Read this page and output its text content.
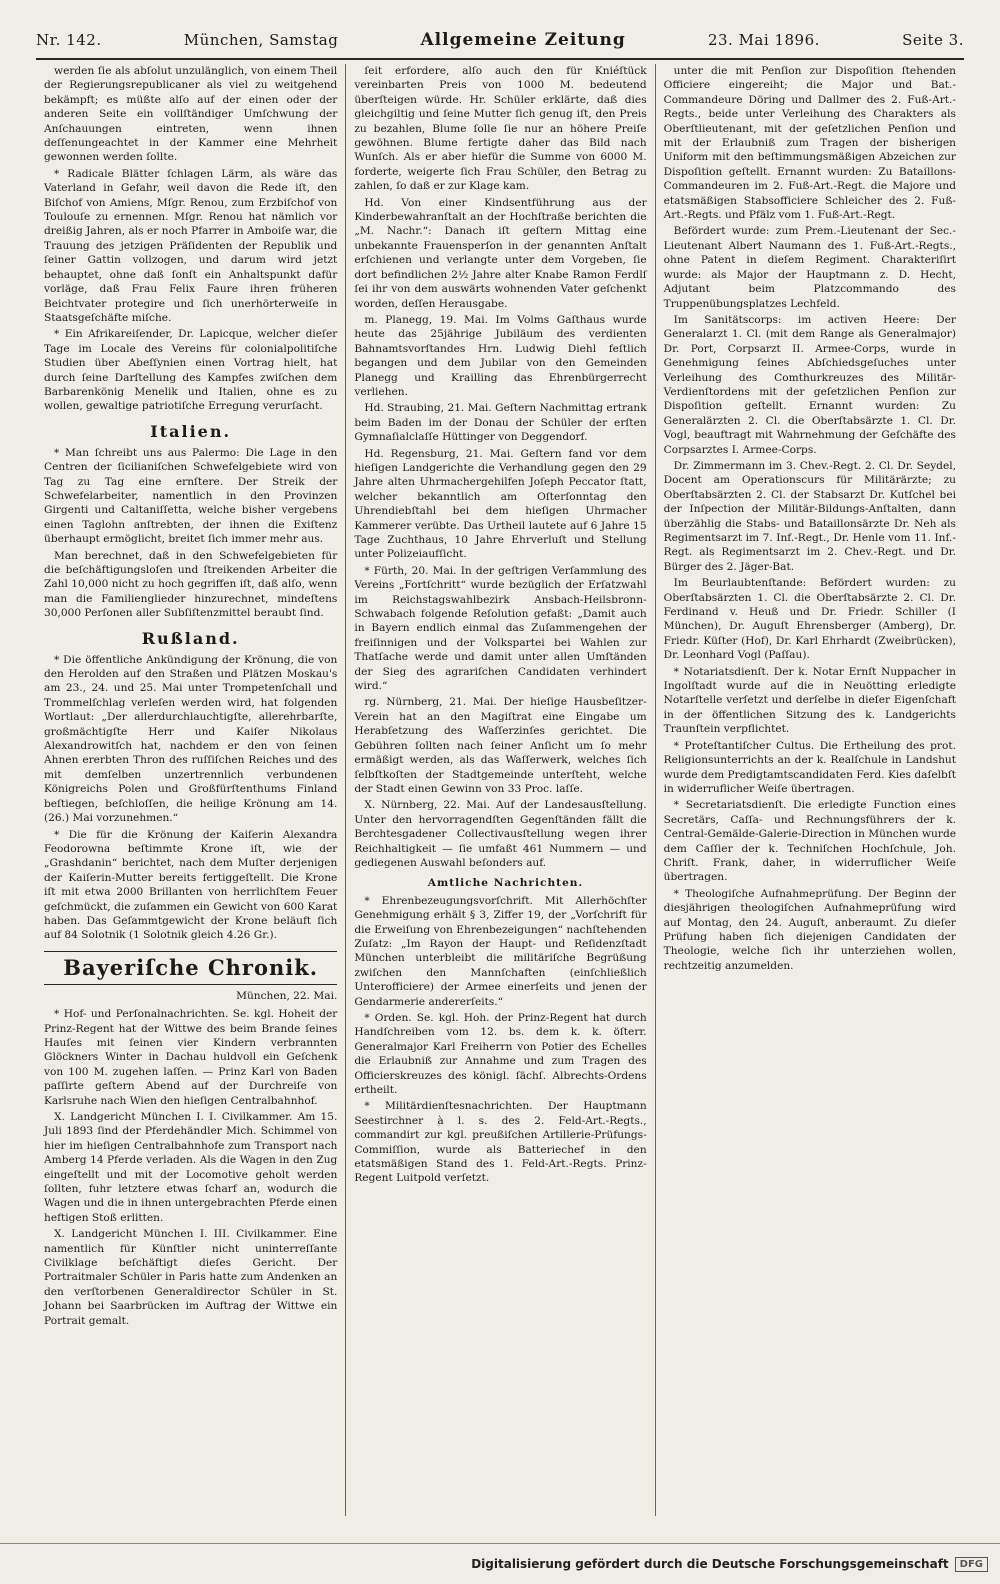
Nr. 142.	München, Samstag	Allgemeine Zeitung	23. Mai 1896.	Seite 3.

werden ſie als abſolut unzulänglich, von einem Theil der Regierungsrepublicaner als viel zu weitgehend bekämpft; es müßte alſo auf der einen oder der anderen Seite ein vollſtändiger Umſchwung der Anſchauungen eintreten, wenn ihnen deſſenungeachtet in der Kammer eine Mehrheit gewonnen werden ſollte.

* Radicale Blätter ſchlagen Lärm, als wäre das Vaterland in Gefahr, weil davon die Rede iſt, den Biſchof von Amiens, Mſgr. Renou, zum Erzbiſchof von Toulouſe zu ernennen. Mſgr. Renou hat nämlich vor dreißig Jahren, als er noch Pfarrer in Amboiſe war, die Trauung des jetzigen Präſidenten der Republik und ſeiner Gattin vollzogen, und darum wird jetzt behauptet, ohne daß ſonſt ein Anhaltspunkt dafür vorläge, daß Frau Felix Faure ihren früheren Beichtvater protegire und ſich unerhörterweiſe in Staatsgeſchäfte miſche.

* Ein Afrikareiſender, Dr. Lapicque, welcher dieſer Tage im Locale des Vereins für colonialpolitiſche Studien über Abeſſynien einen Vortrag hielt, hat durch ſeine Darſtellung des Kampfes zwiſchen dem Barbarenkönig Menelik und Italien, ohne es zu wollen, gewaltige patriotiſche Erregung verurſacht.

Italien.

* Man ſchreibt uns aus Palermo: Die Lage in den Centren der ſicilianiſchen Schwefelgebiete wird von Tag zu Tag eine ernſtere. Der Streik der Schwefelarbeiter, namentlich in den Provinzen Girgenti und Caltaniſſetta, welche bisher vergebens einen Taglohn anſtrebten, der ihnen die Exiſtenz überhaupt ermöglicht, breitet ſich immer mehr aus.

Man berechnet, daß in den Schwefelgebieten für die beſchäftigungsloſen und ſtreikenden Arbeiter die Zahl 10,000 nicht zu hoch gegriffen iſt, daß alſo, wenn man die Familienglieder hinzurechnet, mindeſtens 30,000 Perſonen aller Subſiſtenzmittel beraubt ſind.

Rußland.

* Die öffentliche Ankündigung der Krönung, die von den Herolden auf den Straßen und Plätzen Moskau's am 23., 24. und 25. Mai unter Trompetenſchall und Trommelſchlag verleſen werden wird, hat folgenden Wortlaut: „Der allerdurchlauchtigſte, allerehrbarſte, großmächtigſte Herr und Kaiſer Nikolaus Alexandrowitſch hat, nachdem er den von ſeinen Ahnen ererbten Thron des ruſſiſchen Reiches und des mit demſelben unzertrennlich verbundenen Königreichs Polen und Großfürſtenthums Finland beſtiegen, beſchloſſen, die heilige Krönung am 14. (26.) Mai vorzunehmen.“

* Die für die Krönung der Kaiſerin Alexandra Feodorowna beſtimmte Krone iſt, wie der „Grashdanin“ berichtet, nach dem Muſter derjenigen der Kaiſerin-Mutter bereits fertiggeſtellt. Die Krone iſt mit etwa 2000 Brillanten von herrlichſtem Feuer geſchmückt, die zuſammen ein Gewicht von 600 Karat haben. Das Geſammtgewicht der Krone beläuft ſich auf 84 Solotnik (1 Solotnik gleich 4.26 Gr.).

Bayeriſche Chronik.

München, 22. Mai.

* Hof- und Perſonalnachrichten. Se. kgl. Hoheit der Prinz-Regent hat der Wittwe des beim Brande ſeines Hauſes mit ſeinen vier Kindern verbrannten Glöckners Winter in Dachau huldvoll ein Geſchenk von 100 M. zugehen laſſen. — Prinz Karl von Baden paſſirte geſtern Abend auf der Durchreiſe von Karlsruhe nach Wien den hieſigen Centralbahnhof.

X. Landgericht München I. I. Civilkammer. Am 15. Juli 1893 ſind der Pferdehändler Mich. Schimmel von hier im hieſigen Centralbahnhofe zum Transport nach Amberg 14 Pferde verladen. Als die Wagen in den Zug eingeſtellt und mit der Locomotive geholt werden ſollten, fuhr letztere etwas ſcharf an, wodurch die Wagen und die in ihnen untergebrachten Pferde einen heftigen Stoß erlitten.

X. Landgericht München I. III. Civilkammer. Eine namentlich für Künſtler nicht uninterreſſante Civilklage beſchäftigt dieſes Gericht. Der Portraitmaler Schüler in Paris hatte zum Andenken an den verſtorbenen Generaldirector Schüler in St. Johann bei Saarbrücken im Auftrag der Wittwe ein Portrait gemalt.

ſeit erfordere, alſo auch den für Kniéſtück vereinbarten Preis von 1000 M. bedeutend überſteigen würde. Hr. Schüler erklärte, daß dies gleichgiltig und ſeine Mutter ſich genug iſt, den Preis zu bezahlen, Blume ſolle ſie nur an höhere Preiſe gewöhnen. Blume fertigte daher das Bild nach Wunſch. Als er aber hiefür die Summe von 6000 M. forderte, weigerte ſich Frau Schüler, den Betrag zu zahlen, ſo daß er zur Klage kam.

Hd. Von einer Kindsentführung aus der Kinderbewahranſtalt an der Hochſtraße berichten die „M. Nachr.“: Danach iſt geſtern Mittag eine unbekannte Frauensperſon in der genannten Anſtalt erſchienen und verlangte unter dem Vorgeben, ſie dort befindlichen 2½ Jahre alter Knabe Ramon Ferdlſ ſei ihr von dem auswärts wohnenden Vater geſchenkt worden, deſſen Herausgabe.

m. Planegg, 19. Mai. Im Volms Gaſthaus wurde heute das 25jährige Jubiläum des verdienten Bahnamtsvorſtandes Hrn. Ludwig Diehl feſtlich begangen und dem Jubilar von den Gemeinden Planegg und Krailling das Ehrenbürgerrecht verliehen.

Hd. Straubing, 21. Mai. Geſtern Nachmittag ertrank beim Baden im der Donau der Schüler der erſten Gymnaſialclaſſe Hüttinger von Deggendorf.

Hd. Regensburg, 21. Mai. Geſtern fand vor dem hieſigen Landgerichte die Verhandlung gegen den 29 Jahre alten Uhrmachergehilfen Joſeph Peccator ſtatt, welcher bekanntlich am Oſterſonntag den Uhrendiebſtahl bei dem hieſigen Uhrmacher Kammerer verübte. Das Urtheil lautete auf 6 Jahre 15 Tage Zuchthaus, 10 Jahre Ehrverluſt und Stellung unter Polizeiaufſicht.

* Fürth, 20. Mai. In der geſtrigen Verſammlung des Vereins „Fortſchritt“ wurde bezüglich der Erſatzwahl im Reichstagswahlbezirk Ansbach-Heilsbronn-Schwabach folgende Reſolution gefaßt: „Damit auch in Bayern endlich einmal das Zuſammengehen der freiſinnigen und der Volkspartei bei Wahlen zur Thatſache werde und damit unter allen Umſtänden der Sieg des agrariſchen Candidaten verhindert wird.“

rg. Nürnberg, 21. Mai. Der hieſige Hausbeſitzer-Verein hat an den Magiſtrat eine Eingabe um Herabſetzung des Waſſerzinſes gerichtet. Die Gebühren ſollten nach ſeiner Anſicht um ſo mehr ermäßigt werden, als das Waſſerwerk, welches ſich ſelbſtkoſten der Stadtgemeinde unterſteht, welche der Stadt einen Gewinn von 33 Proc. laſſe.

X. Nürnberg, 22. Mai. Auf der Landesausſtellung. Unter den hervorragendſten Gegenſtänden fällt die Berchtesgadener Collectivausſtellung wegen ihrer Reichhaltigkeit — ſie umfaßt 461 Nummern — und gediegenen Auswahl beſonders auf.

Amtliche Nachrichten.

* Ehrenbezeugungsvorſchrift. Mit Allerhöchſter Genehmigung erhält § 3, Ziffer 19, der „Vorſchrift für die Erweiſung von Ehrenbezeigungen“ nachſtehenden Zuſatz: „Im Rayon der Haupt- und Reſidenzſtadt München unterbleibt die militäriſche Begrüßung zwiſchen den Mannſchaften (einſchließlich Unterofficiere) der Armee einerſeits und jenen der Gendarmerie andererſeits.“

* Orden. Se. kgl. Hoh. der Prinz-Regent hat durch Handſchreiben vom 12. bs. dem k. k. öſterr. Generalmajor Karl Freiherrn von Potier des Echelles die Erlaubniß zur Annahme und zum Tragen des Officierskreuzes des königl. ſächſ. Albrechts-Ordens ertheilt.

* Militärdienſtesnachrichten. Der Hauptmann Seestirchner à l. s. des 2. Feld-Art.-Regts., commandirt zur kgl. preußiſchen Artillerie-Prüfungs-Commiſſion, wurde als Batteriechef in den etatsmäßigen Stand des 1. Feld-Art.-Regts. Prinz-Regent Luitpold verſetzt.

unter die mit Penſion zur Dispoſition ſtehenden Officiere eingereiht; die Major und Bat.-Commandeure Döring und Dallmer des 2. Fuß-Art.-Regts., beide unter Verleihung des Charakters als Oberſtlieutenant, mit der geſetzlichen Penſion und mit der Erlaubniß zum Tragen der bisherigen Uniform mit den beſtimmungsmäßigen Abzeichen zur Dispoſition geſtellt. Ernannt wurden: Zu Bataillons-Commandeuren im 2. Fuß-Art.-Regt. die Majore und etatsmäßigen Stabsofficiere Schleicher des 2. Fuß-Art.-Regts. und Pfälz vom 1. Fuß-Art.-Regt.

Befördert wurde: zum Prem.-Lieutenant der Sec.-Lieutenant Albert Naumann des 1. Fuß-Art.-Regts., ohne Patent in dieſem Regiment. Charakteriſirt wurde: als Major der Hauptmann z. D. Hecht, Adjutant beim Platzcommando des Truppenübungsplatzes Lechfeld.

Im Sanitätscorps: im activen Heere: Der Generalarzt 1. Cl. (mit dem Range als Generalmajor) Dr. Port, Corpsarzt II. Armee-Corps, wurde in Genehmigung ſeines Abſchiedsgeſuches unter Verleihung des Comthurkreuzes des Militär-Verdienſtordens mit der geſetzlichen Penſion zur Dispoſition geſtellt. Ernannt wurden: Zu Generalärzten 2. Cl. die Oberſtabsärzte 1. Cl. Dr. Vogl, beauftragt mit Wahrnehmung der Geſchäfte des Corpsarztes I. Armee-Corps.

Dr. Zimmermann im 3. Chev.-Regt. 2. Cl. Dr. Seydel, Docent am Operationscurs für Militärärzte; zu Oberſtabsärzten 2. Cl. der Stabsarzt Dr. Kutſchel bei der Inſpection der Militär-Bildungs-Anſtalten, dann überzählig die Stabs- und Bataillonsärzte Dr. Neh als Regimentsarzt im 7. Inf.-Regt., Dr. Henle vom 11. Inf.-Regt. als Regimentsarzt im 2. Chev.-Regt. und Dr. Bürger des 2. Jäger-Bat.

Im Beurlaubtenſtande: Befördert wurden: zu Oberſtabsärzten 1. Cl. die Oberſtabsärzte 2. Cl. Dr. Ferdinand v. Heuß und Dr. Friedr. Schiller (I München), Dr. Auguſt Ehrensberger (Amberg), Dr. Friedr. Küſter (Hof), Dr. Karl Ehrhardt (Zweibrücken), Dr. Leonhard Vogl (Paſſau).

* Notariatsdienſt. Der k. Notar Ernſt Nuppacher in Ingolſtadt wurde auf die in Neuötting erledigte Notarſtelle verſetzt und derſelbe in dieſer Eigenſchaft in der öffentlichen Sitzung des k. Landgerichts Traunſtein verpflichtet.

* Proteſtantiſcher Cultus. Die Ertheilung des prot. Religionsunterrichts an der k. Realſchule in Landshut wurde dem Predigtamtscandidaten Ferd. Kies daſelbſt in widerruflicher Weiſe übertragen.

* Secretariatsdienſt. Die erledigte Function eines Secretärs, Caſſa- und Rechnungsführers der k. Central-Gemälde-Galerie-Direction in München wurde dem Caſſier der k. Techniſchen Hochſchule, Joh. Chriſt. Frank, daher, in widerruflicher Weiſe übertragen.

* Theologiſche Aufnahmeprüfung. Der Beginn der diesjährigen theologiſchen Aufnahmeprüfung wird auf Montag, den 24. Auguſt, anberaumt. Zu dieſer Prüfung haben ſich diejenigen Candidaten der Theologie, welche ſich ihr unterziehen wollen, rechtzeitig anzumelden.

Digitalisierung gefördert durch die Deutsche Forschungsgemeinschaft	DFG
